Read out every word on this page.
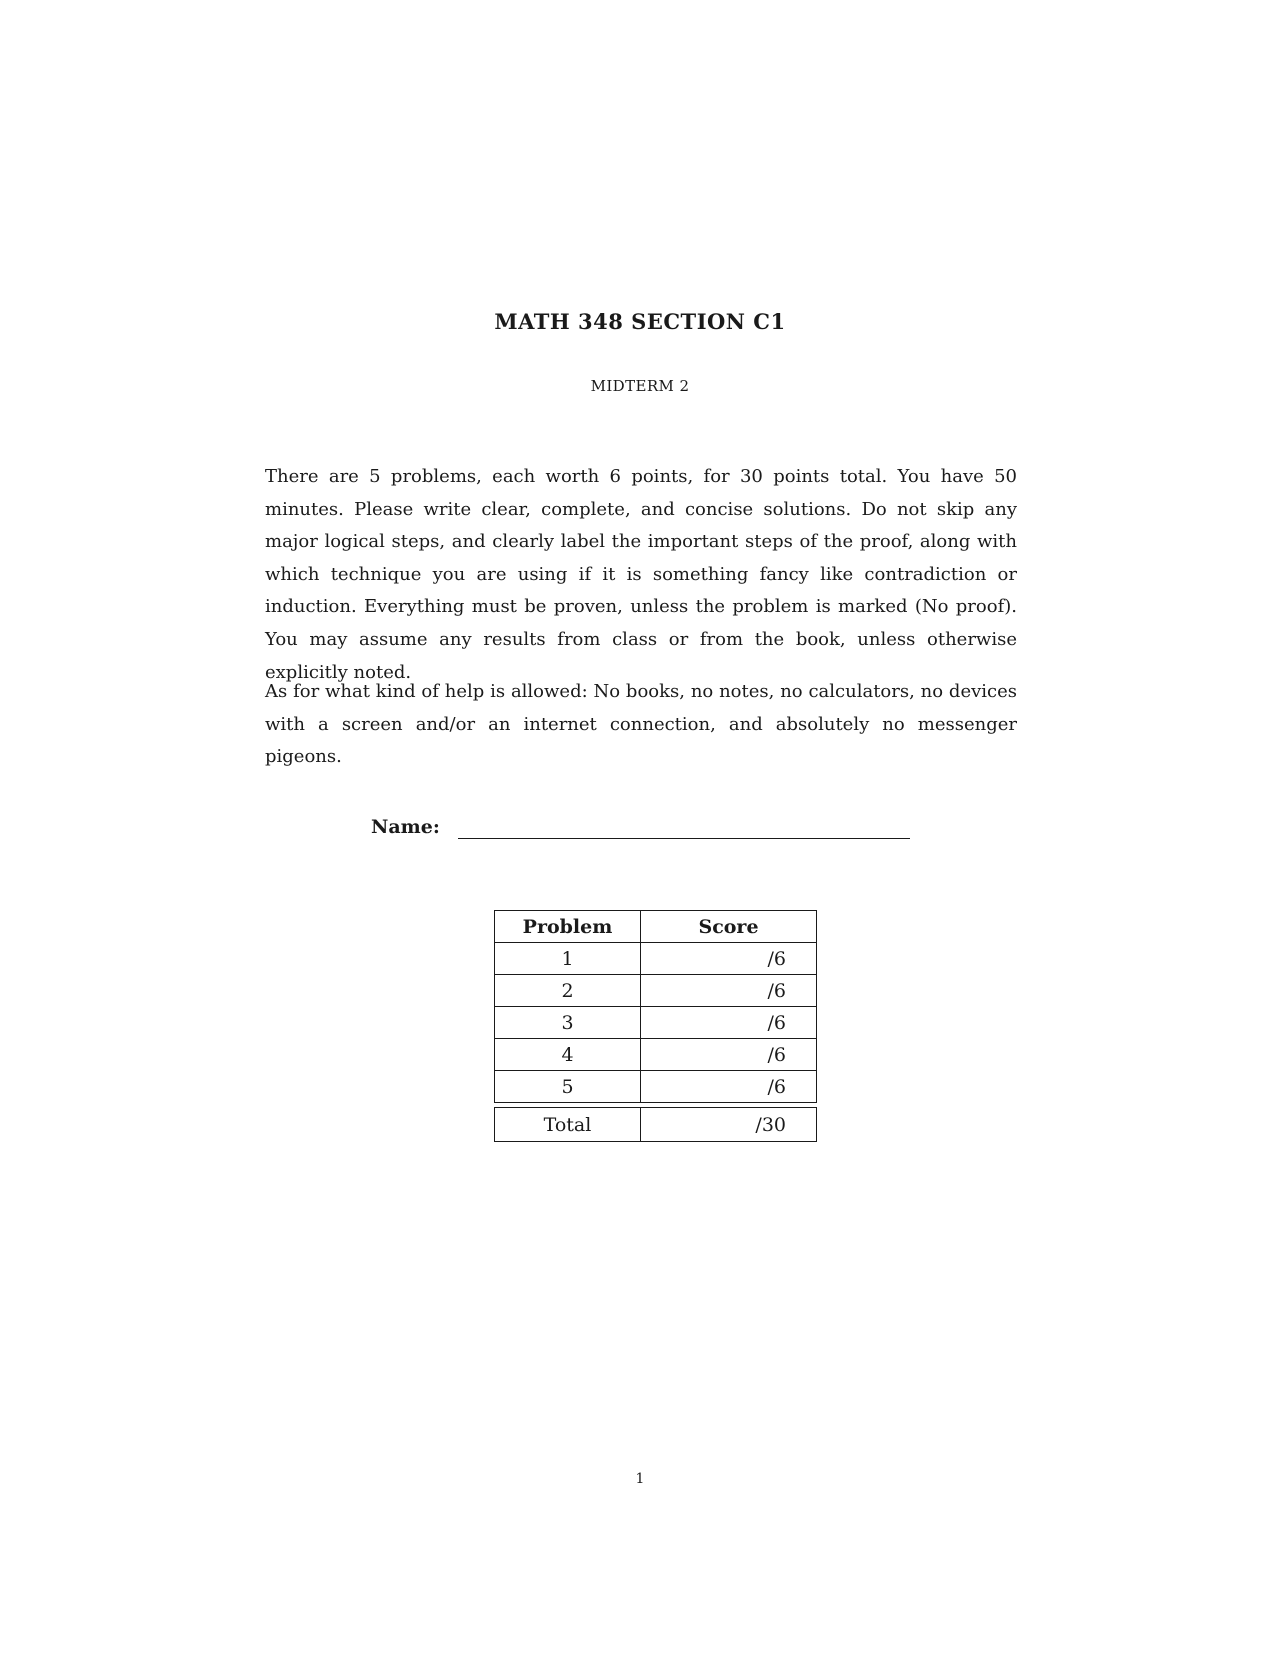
MATH 348 SECTION C1
MIDTERM 2

There are 5 problems, each worth 6 points, for 30 points total. You have 50 minutes. Please write clear, complete, and concise solutions. Do not skip any major logical steps, and clearly label the important steps of the proof, along with which technique you are using if it is something fancy like contradiction or induction. Everything must be proven, unless the problem is marked (No proof). You may assume any results from class or from the book, unless otherwise explicitly noted.

As for what kind of help is allowed: No books, no notes, no calculators, no devices with a screen and/or an internet connection, and absolutely no messenger pigeons.

Name:
Problem	Score
1	/6
2	/6
3	/6
4	/6
5	/6

Total	/30
1
